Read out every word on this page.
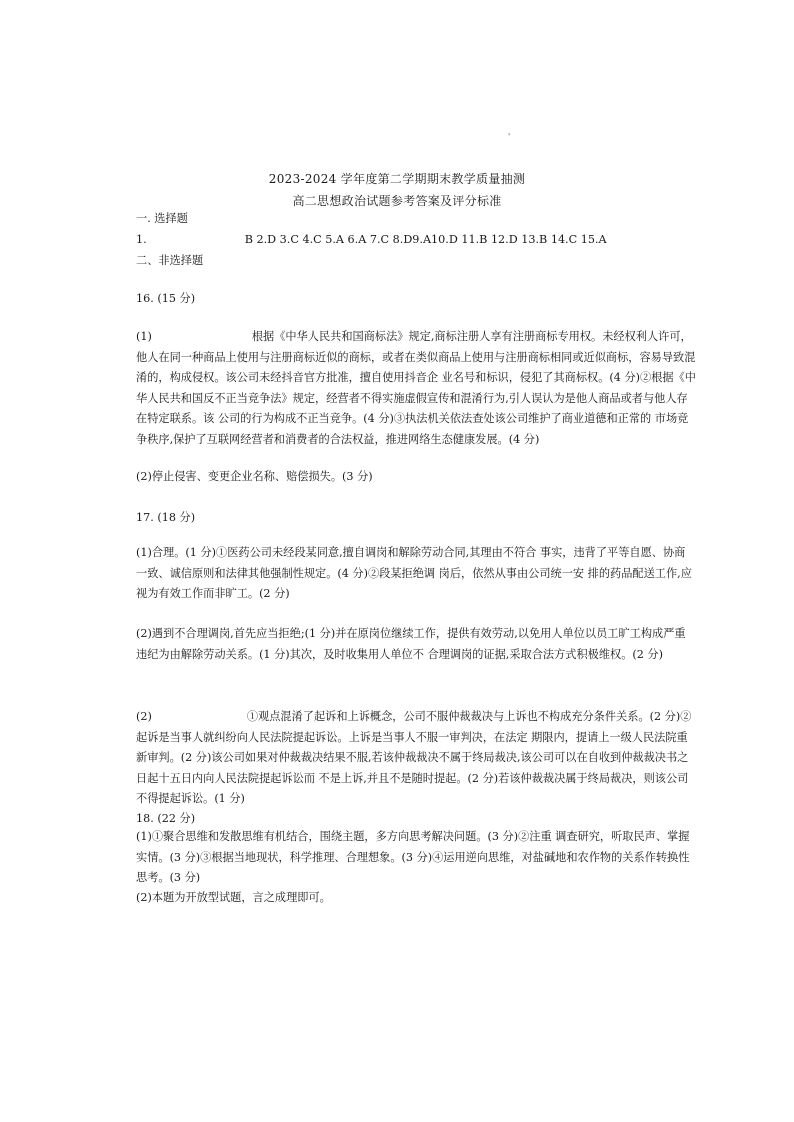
'
2023-2024 学年度第二学期期末教学质量抽测
高二思想政治试题参考答案及评分标准
一. 选择题
1.	B 2.D 3.C 4.C 5.A 6.A 7.C 8.D9.A10.D 11.B 12.D 13.B 14.C 15.A
二、非选择题
16. (15 分)
(1)	根据《中华人民共和国商标法》规定,商标注册人享有注册商标专用权。未经权利人许可，他人在同一种商品上使用与注册商标近似的商标，或者在类似商品上使用与注册商标相同或近似商标，容易导致混淆的，构成侵权。该公司未经抖音官方批准，擅自使用抖音企 业名号和标识，侵犯了其商标权。(4 分)②根据《中华人民共和国反不正当竞争法》规定，经营者不得实施虚假宣传和混淆行为,引人误认为是他人商品或者与他人存在特定联系。该 公司的行为构成不正当竞争。(4 分)③执法机关依法查处该公司维护了商业道德和正常的 市场竞争秩序,保护了互联网经营者和消费者的合法权益，推进网络生态健康发展。(4 分)
(2)停止侵害、变更企业名称、赔偿损失。(3 分)
17. (18 分)
(1)合理。(1 分)①医药公司未经段某同意,擅自调岗和解除劳动合同,其理由不符合 事实，违背了平等自愿、协商一致、诚信原则和法律其他强制性规定。(4 分)②段某拒绝调 岗后，依然从事由公司统一安 排的药品配送工作,应视为有效工作而非旷工。(2 分)
(2)遇到不合理调岗,首先应当拒绝;(1 分)并在原岗位继续工作，提供有效劳动,以免用人单位以员工旷工构成严重违纪为由解除劳动关系。(1 分)其次，及时收集用人单位不 合理调岗的证据,采取合法方式积极维权。(2 分)
(2)	①观点混淆了起诉和上诉概念，公司不服仲裁裁决与上诉也不构成充分条件关系。(2 分)②起诉是当事人就纠纷向人民法院提起诉讼。上诉是当事人不服一审判决，在法定 期限内，提请上一级人民法院重新审判。(2 分)该公司如果对仲裁裁决结果不服,若该仲裁裁决不属于终局裁决,该公司可以在自收到仲裁裁决书之日起十五日内向人民法院提起诉讼而 不是上诉,并且不是随时提起。(2 分)若该仲裁裁决属于终局裁决，则该公司不得提起诉讼。(1 分)
18. (22 分)
(1)①聚合思维和发散思维有机结合，围绕主题，多方向思考解决问题。(3 分)②注重 调查研究，听取民声、掌握实情。(3 分)③根据当地现状，科学推理、合理想象。(3 分)④运用逆向思维，对盐碱地和农作物的关系作转换性思考。(3 分)
(2)本题为开放型试题，言之成理即可。
